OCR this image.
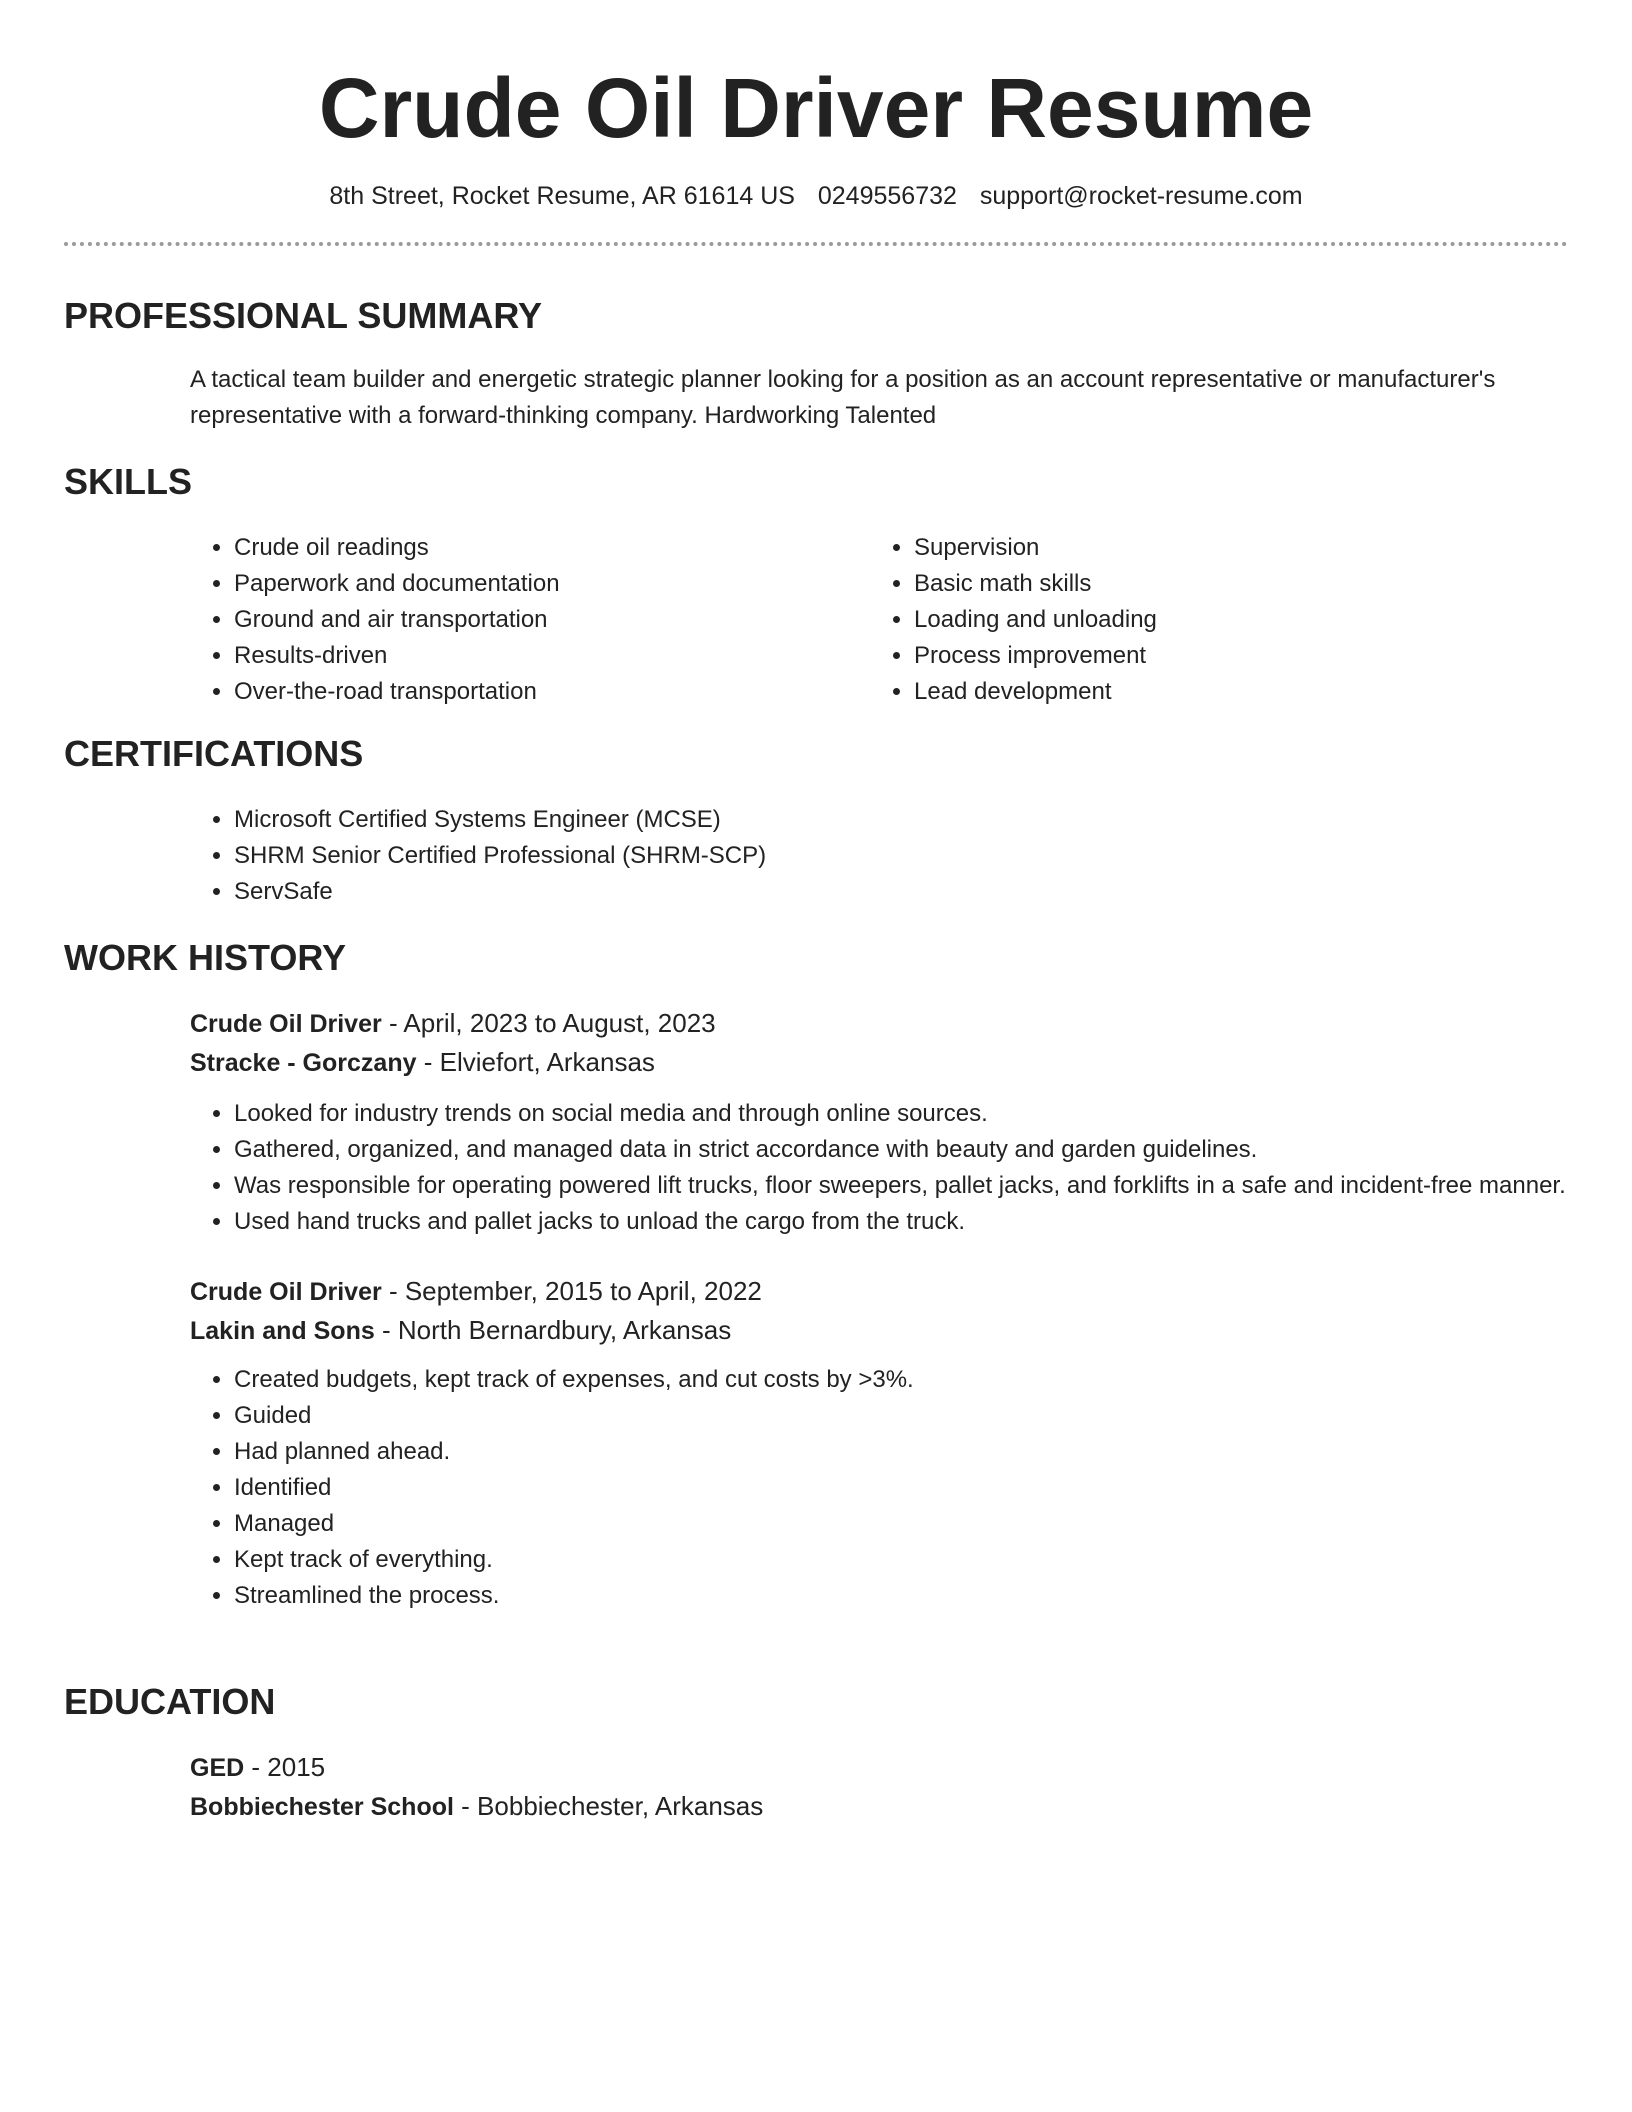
Crude Oil Driver Resume
8th Street, Rocket Resume, AR 61614 US 0249556732 support@rocket-resume.com
PROFESSIONAL SUMMARY
A tactical team builder and energetic strategic planner looking for a position as an account representative or manufacturer's representative with a forward-thinking company. Hardworking Talented
SKILLS
• Crude oil readings
• Paperwork and documentation
• Ground and air transportation
• Results-driven
• Over-the-road transportation
• Supervision
• Basic math skills
• Loading and unloading
• Process improvement
• Lead development
CERTIFICATIONS
• Microsoft Certified Systems Engineer (MCSE)
• SHRM Senior Certified Professional (SHRM-SCP)
• ServSafe
WORK HISTORY
Crude Oil Driver - April, 2023 to August, 2023
Stracke - Gorczany - Elviefort, Arkansas
• Looked for industry trends on social media and through online sources.
• Gathered, organized, and managed data in strict accordance with beauty and garden guidelines.
• Was responsible for operating powered lift trucks, floor sweepers, pallet jacks, and forklifts in a safe and incident-free manner.
• Used hand trucks and pallet jacks to unload the cargo from the truck.
Crude Oil Driver - September, 2015 to April, 2022
Lakin and Sons - North Bernardbury, Arkansas
• Created budgets, kept track of expenses, and cut costs by >3%.
• Guided
• Had planned ahead.
• Identified
• Managed
• Kept track of everything.
• Streamlined the process.
EDUCATION
GED - 2015
Bobbiechester School - Bobbiechester, Arkansas
